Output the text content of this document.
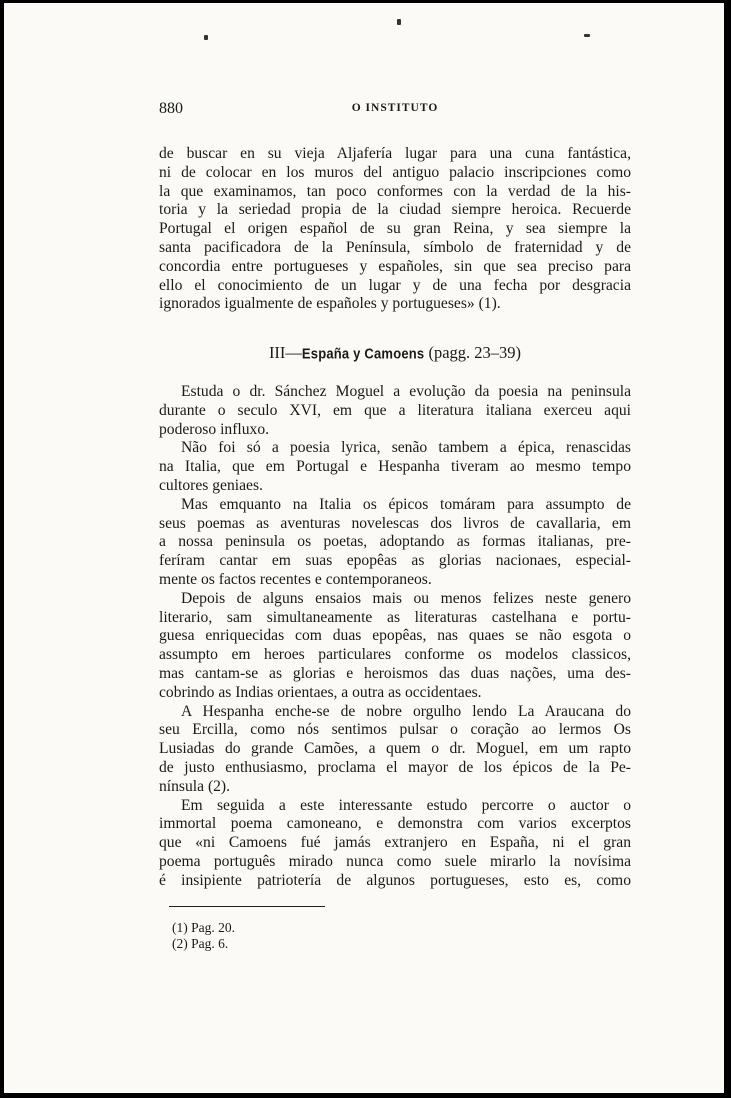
880	O INSTITUTO
de buscar en su vieja Aljafería lugar para una cuna fantástica,
ni de colocar en los muros del antiguo palacio inscripciones como
la que examinamos, tan poco conformes con la verdad de la his-
toria y la seriedad propia de la ciudad siempre heroica. Recuerde
Portugal el origen español de su gran Reina, y sea siempre la
santa pacificadora de la Península, símbolo de fraternidad y de
concordia entre portugueses y españoles, sin que sea preciso para
ello el conocimiento de un lugar y de una fecha por desgracia
ignorados igualmente de españoles y portugueses» (1).
III—España y Camoens (pagg. 23–39)
Estuda o dr. Sánchez Moguel a evolução da poesia na peninsula
durante o seculo XVI, em que a literatura italiana exerceu aqui
poderoso influxo.
Não foi só a poesia lyrica, senão tambem a épica, renascidas
na Italia, que em Portugal e Hespanha tiveram ao mesmo tempo
cultores geniaes.
Mas emquanto na Italia os épicos tomáram para assumpto de
seus poemas as aventuras novelescas dos livros de cavallaria, em
a nossa peninsula os poetas, adoptando as formas italianas, pre-
feríram cantar em suas epopêas as glorias nacionaes, especial-
mente os factos recentes e contemporaneos.
Depois de alguns ensaios mais ou menos felizes neste genero
literario, sam simultaneamente as literaturas castelhana e portu-
guesa enriquecidas com duas epopêas, nas quaes se não esgota o
assumpto em heroes particulares conforme os modelos classicos,
mas cantam-se as glorias e heroismos das duas nações, uma des-
cobrindo as Indias orientaes, a outra as occidentaes.
A Hespanha enche-se de nobre orgulho lendo La Araucana do
seu Ercilla, como nós sentimos pulsar o coração ao lermos Os
Lusiadas do grande Camões, a quem o dr. Moguel, em um rapto
de justo enthusiasmo, proclama el mayor de los épicos de la Pe-
nínsula (2).
Em seguida a este interessante estudo percorre o auctor o
immortal poema camoneano, e demonstra com varios excerptos
que «ni Camoens fué jamás extranjero en España, ni el gran
poema português mirado nunca como suele mirarlo la novísima
é insipiente patriotería de algunos portugueses, esto es, como
(1) Pag. 20.
(2) Pag. 6.
